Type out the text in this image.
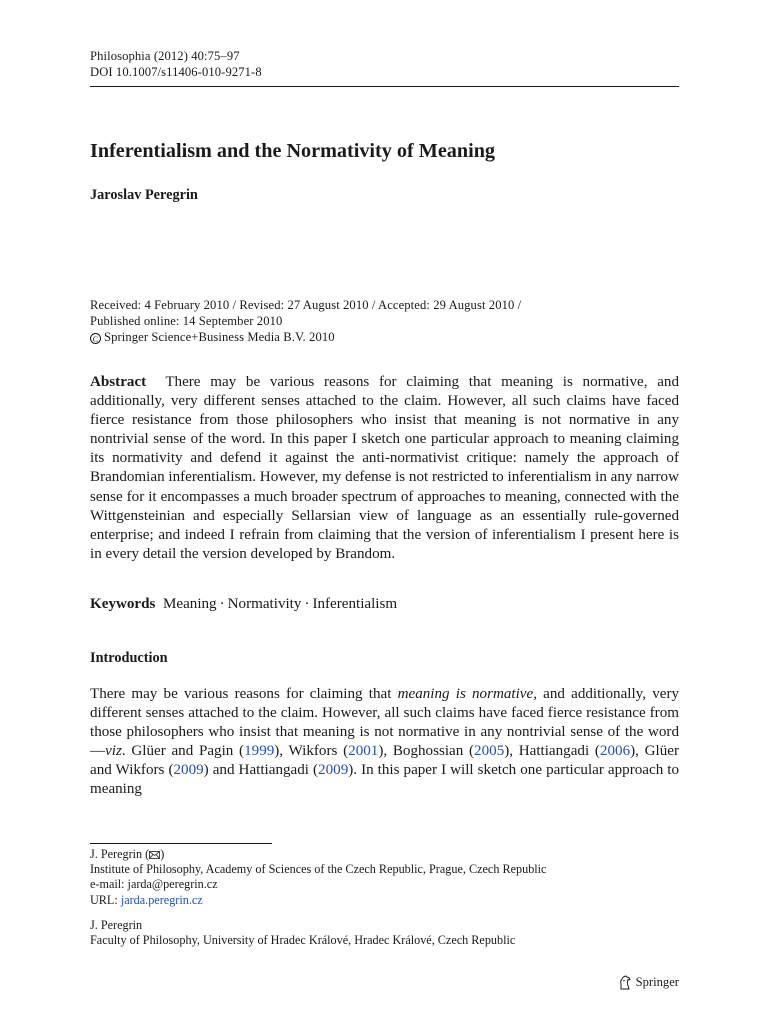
Philosophia (2012) 40:75–97
DOI 10.1007/s11406-010-9271-8
Inferentialism and the Normativity of Meaning
Jaroslav Peregrin
Received: 4 February 2010 / Revised: 27 August 2010 / Accepted: 29 August 2010 /
Published online: 14 September 2010
C Springer Science+Business Media B.V. 2010
Abstract There may be various reasons for claiming that meaning is normative, and additionally, very different senses attached to the claim. However, all such claims have faced fierce resistance from those philosophers who insist that meaning is not normative in any nontrivial sense of the word. In this paper I sketch one particular approach to meaning claiming its normativity and defend it against the anti-normativist critique: namely the approach of Brandomian inferentialism. However, my defense is not restricted to inferentialism in any narrow sense for it encompasses a much broader spectrum of approaches to meaning, connected with the Wittgensteinian and especially Sellarsian view of language as an essentially rule-governed enterprise; and indeed I refrain from claiming that the version of inferentialism I present here is in every detail the version developed by Brandom.
Keywords Meaning · Normativity · Inferentialism
Introduction
There may be various reasons for claiming that meaning is normative, and additionally, very different senses attached to the claim. However, all such claims have faced fierce resistance from those philosophers who insist that meaning is not normative in any nontrivial sense of the word—viz. Glüer and Pagin (1999), Wikfors (2001), Boghossian (2005), Hattiangadi (2006), Glüer and Wikfors (2009) and Hattiangadi (2009). In this paper I will sketch one particular approach to meaning
J. Peregrin ( )
Institute of Philosophy, Academy of Sciences of the Czech Republic, Prague, Czech Republic
e-mail: jarda@peregrin.cz
URL: jarda.peregrin.cz
J. Peregrin
Faculty of Philosophy, University of Hradec Králové, Hradec Králové, Czech Republic
Springer
